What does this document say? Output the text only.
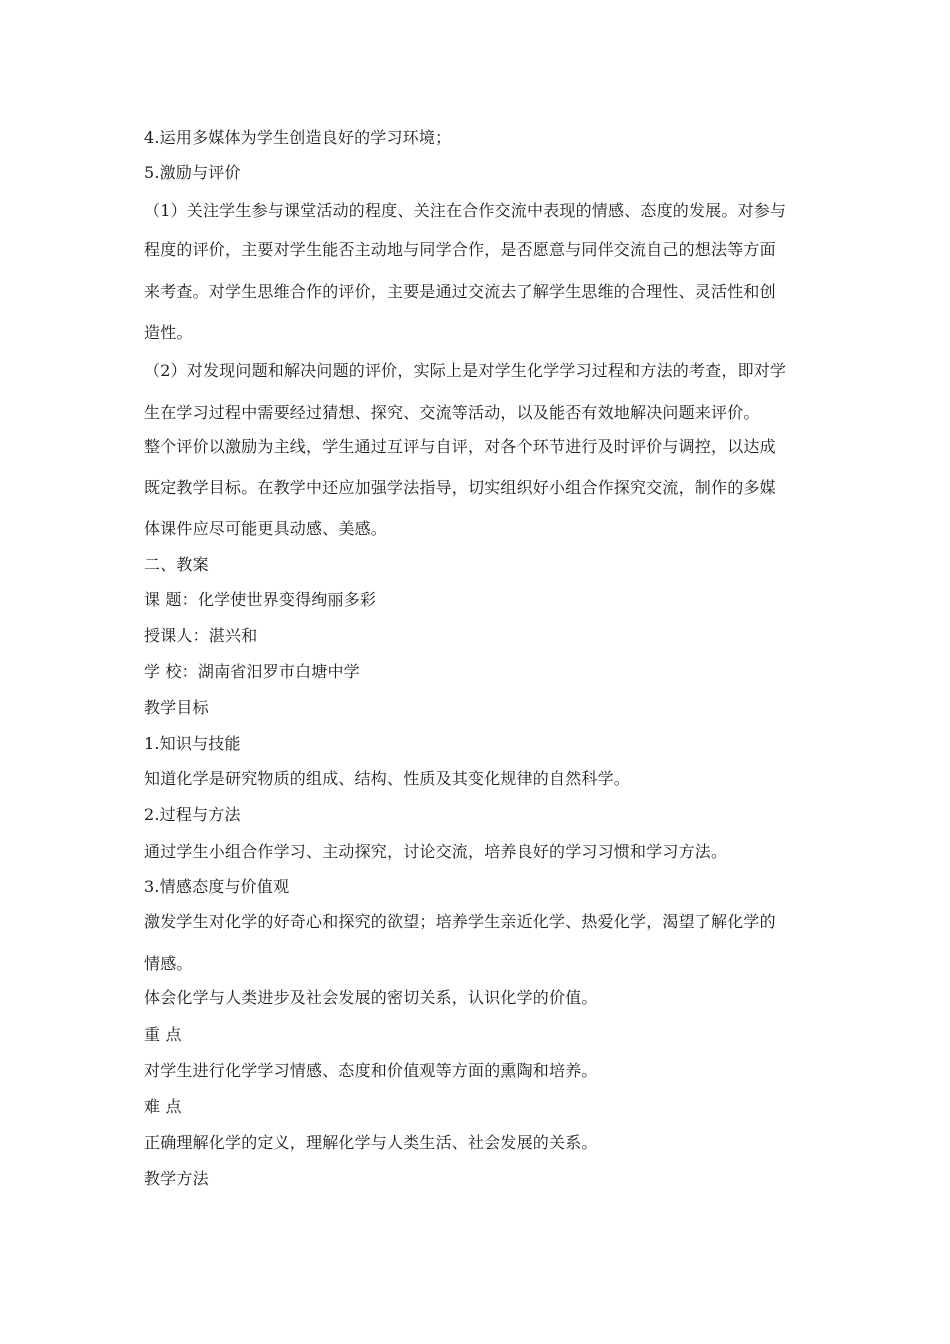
4.运用多媒体为学生创造良好的学习环境；
5.激励与评价
（1）关注学生参与课堂活动的程度、关注在合作交流中表现的情感、态度的发展。对参与
程度的评价，主要对学生能否主动地与同学合作，是否愿意与同伴交流自己的想法等方面
来考查。对学生思维合作的评价，主要是通过交流去了解学生思维的合理性、灵活性和创
造性。
（2）对发现问题和解决问题的评价，实际上是对学生化学学习过程和方法的考查，即对学
生在学习过程中需要经过猜想、探究、交流等活动，以及能否有效地解决问题来评价。
整个评价以激励为主线，学生通过互评与自评，对各个环节进行及时评价与调控，以达成
既定教学目标。在教学中还应加强学法指导，切实组织好小组合作探究交流，制作的多媒
体课件应尽可能更具动感、美感。
二、教案
课 题：化学使世界变得绚丽多彩
授课人：湛兴和
学 校：湖南省汨罗市白塘中学
教学目标
1.知识与技能
知道化学是研究物质的组成、结构、性质及其变化规律的自然科学。
2.过程与方法
通过学生小组合作学习、主动探究，讨论交流，培养良好的学习习惯和学习方法。
3.情感态度与价值观
激发学生对化学的好奇心和探究的欲望；培养学生亲近化学、热爱化学，渴望了解化学的
情感。
体会化学与人类进步及社会发展的密切关系，认识化学的价值。
重 点
对学生进行化学学习情感、态度和价值观等方面的熏陶和培养。
难 点
正确理解化学的定义，理解化学与人类生活、社会发展的关系。
教学方法
